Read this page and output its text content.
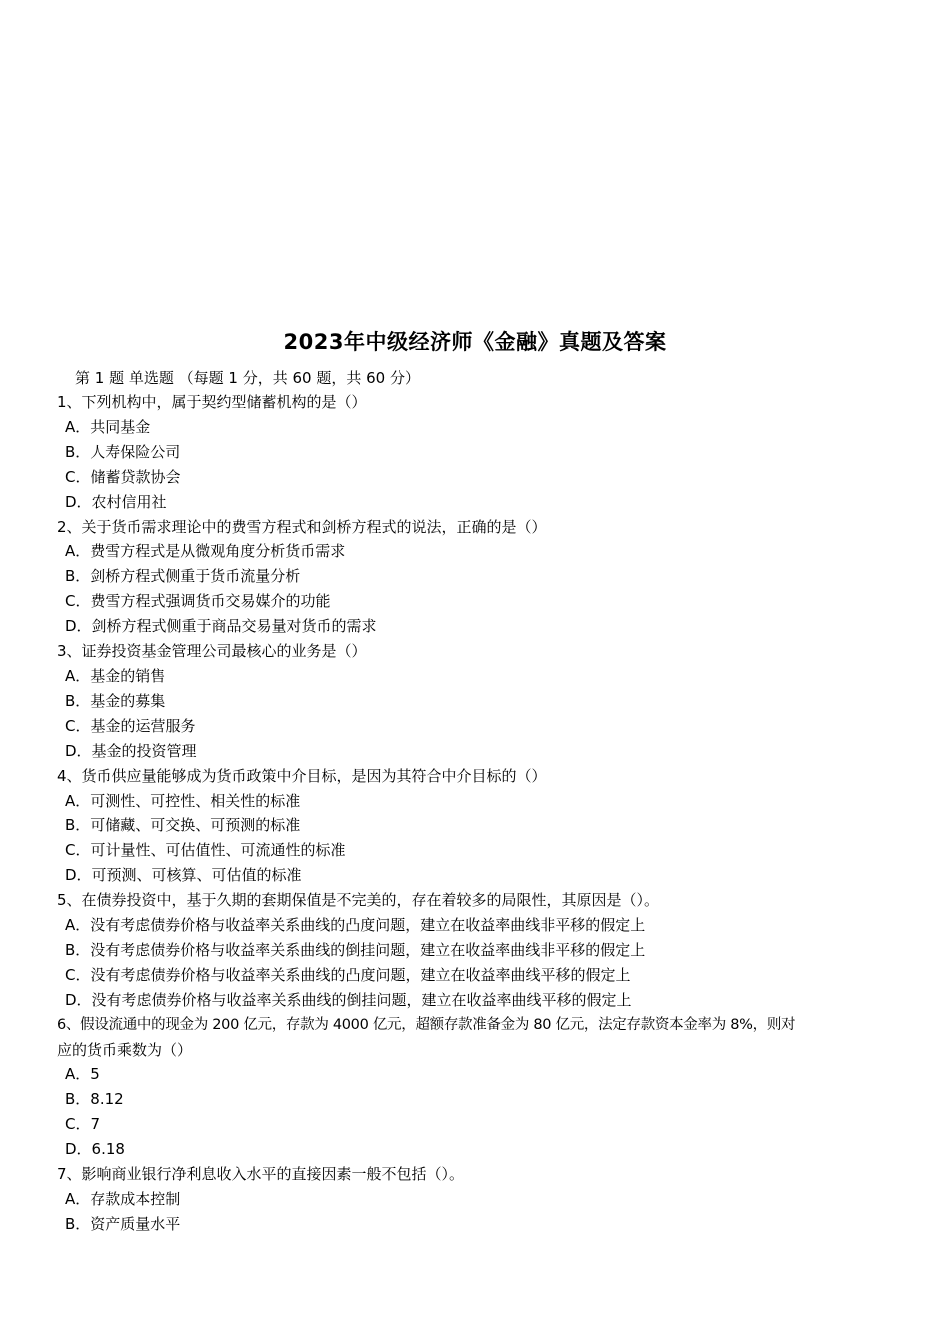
2023年中级经济师《金融》真题及答案
第 1 题 单选题 （每题 1 分，共 60 题，共 60 分）
1、下列机构中，属于契约型储蓄机构的是（）
A．共同基金
B．人寿保险公司
C．储蓄贷款协会
D．农村信用社
2、关于货币需求理论中的费雪方程式和剑桥方程式的说法，正确的是（）
A．费雪方程式是从微观角度分析货币需求
B．剑桥方程式侧重于货币流量分析
C．费雪方程式强调货币交易媒介的功能
D．剑桥方程式侧重于商品交易量对货币的需求
3、证券投资基金管理公司最核心的业务是（）
A．基金的销售
B．基金的募集
C．基金的运营服务
D．基金的投资管理
4、货币供应量能够成为货币政策中介目标，是因为其符合中介目标的（）
A．可测性、可控性、相关性的标准
B．可储藏、可交换、可预测的标准
C．可计量性、可估值性、可流通性的标准
D．可预测、可核算、可估值的标准
5、在债券投资中，基于久期的套期保值是不完美的，存在着较多的局限性，其原因是（）。
A．没有考虑债券价格与收益率关系曲线的凸度问题，建立在收益率曲线非平移的假定上
B．没有考虑债券价格与收益率关系曲线的倒挂问题，建立在收益率曲线非平移的假定上
C．没有考虑债券价格与收益率关系曲线的凸度问题，建立在收益率曲线平移的假定上
D．没有考虑债券价格与收益率关系曲线的倒挂问题，建立在收益率曲线平移的假定上
6、假设流通中的现金为 200 亿元，存款为 4000 亿元，超额存款准备金为 80 亿元，法定存款资本金率为 8%，则对
应的货币乘数为（）
A．5
B．8.12
C．7
D．6.18
7、影响商业银行净利息收入水平的直接因素一般不包括（）。
A．存款成本控制
B．资产质量水平
